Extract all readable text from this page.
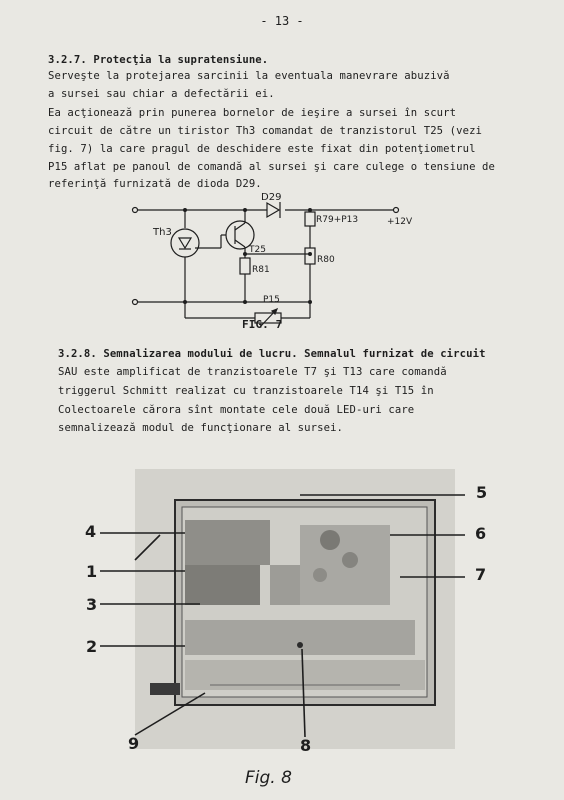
- 13 -
3.2.7. Protecţia la supratensiune.
Serveşte la protejarea sarcinii la eventuala manevrare abuzivă
a sursei sau chiar a defectării ei.
Ea acţionează prin punerea bornelor de ieşire a sursei în scurt
circuit de către un tiristor Th3 comandat de tranzistorul T25 (vezi
fig. 7) la care pragul de deschidere este fixat din potenţiometrul
P15 aflat pe panoul de comandă al sursei şi care culege o tensiune de
referinţă furnizată de dioda D29.
D29
R79+P13	+12V
Th3
T25
R81
R80
P15
FIG. 7
3.2.8. Semnalizarea modului de lucru. Semnalul furnizat de circuit
SAU este amplificat de tranzistoarele T7 şi T13 care comandă
triggerul Schmitt realizat cu tranzistoarele T14 şi T15 în
Colectoarele cărora sînt montate cele două LED-uri care
semnalizează modul de funcţionare al sursei.
4
1
3
2
5
6
7
9	8
Fig. 8
